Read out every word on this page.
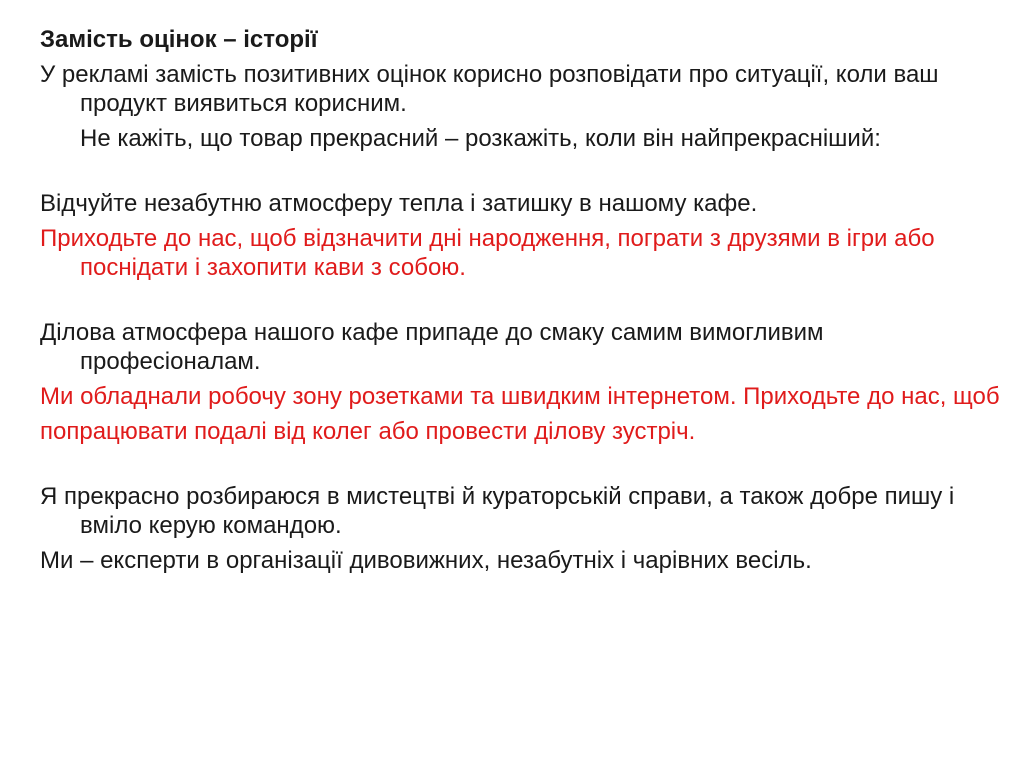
Замість оцінок – історії
У рекламі замість позитивних оцінок корисно розповідати про ситуації, коли ваш продукт виявиться корисним.
Не кажіть, що товар прекрасний – розкажіть, коли він найпрекрасніший:
Відчуйте незабутню атмосферу тепла і затишку в нашому кафе.
Приходьте до нас, щоб відзначити дні народження, пограти з друзями в ігри або поснідати і захопити кави з собою.
Ділова атмосфера нашого кафе припаде до смаку самим вимогливим професіоналам.
Ми обладнали робочу зону розетками та швидким інтернетом. Приходьте до нас, щоб
попрацювати подалі від колег або провести ділову зустріч.
Я прекрасно розбираюся в мистецтві й кураторській справи, а також добре пишу і вміло керую командою.
Ми – експерти в організації дивовижних, незабутніх і чарівних весіль.
